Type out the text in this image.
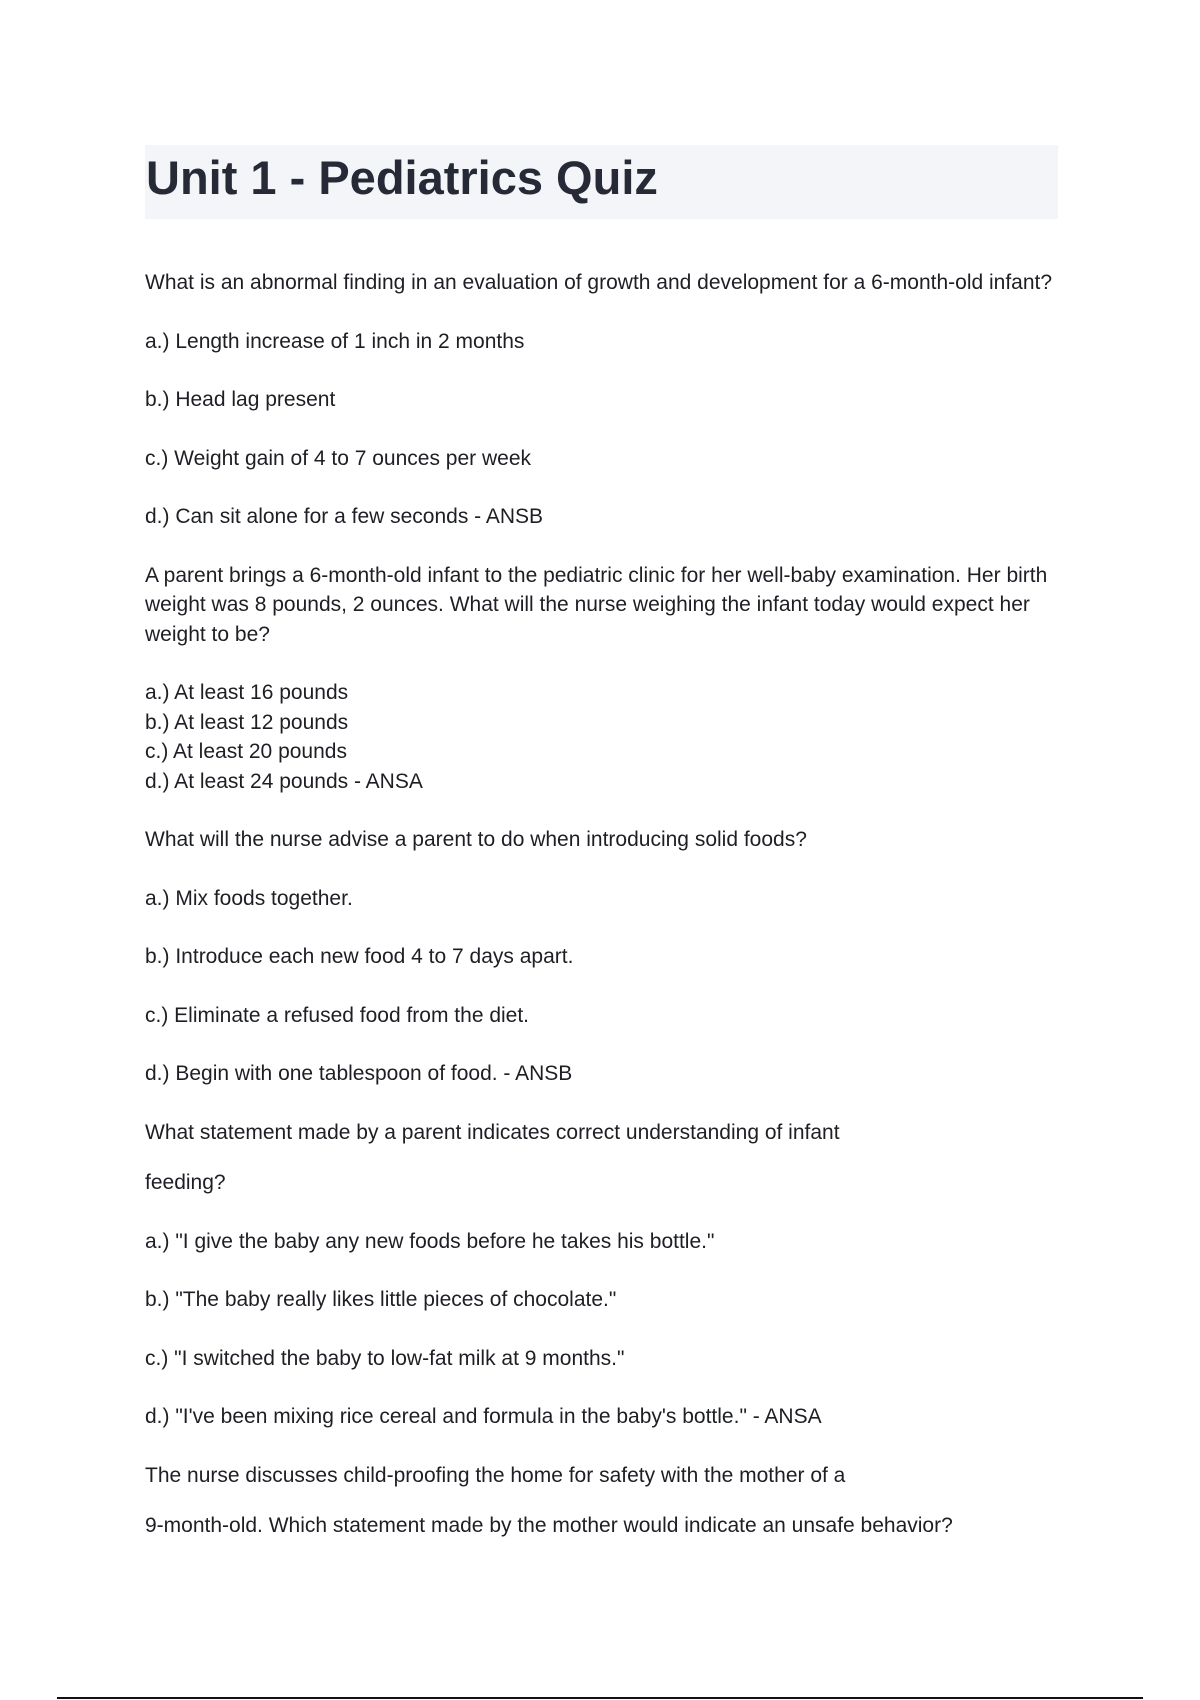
Unit 1 - Pediatrics Quiz

What is an abnormal finding in an evaluation of growth and development for a 6-month-old infant?

a.) Length increase of 1 inch in 2 months

b.) Head lag present

c.) Weight gain of 4 to 7 ounces per week

d.) Can sit alone for a few seconds - ANSB

A parent brings a 6-month-old infant to the pediatric clinic for her well-baby examination. Her birth weight was 8 pounds, 2 ounces. What will the nurse weighing the infant today would expect her weight to be?

a.) At least 16 pounds

b.) At least 12 pounds

c.) At least 20 pounds

d.) At least 24 pounds - ANSA

What will the nurse advise a parent to do when introducing solid foods?

a.) Mix foods together.

b.) Introduce each new food 4 to 7 days apart.

c.) Eliminate a refused food from the diet.

d.) Begin with one tablespoon of food. - ANSB

What statement made by a parent indicates correct understanding of infant

feeding?

a.) "I give the baby any new foods before he takes his bottle."

b.) "The baby really likes little pieces of chocolate."

c.) "I switched the baby to low-fat milk at 9 months."

d.) "I've been mixing rice cereal and formula in the baby's bottle." - ANSA

The nurse discusses child-proofing the home for safety with the mother of a

9-month-old. Which statement made by the mother would indicate an unsafe behavior?
